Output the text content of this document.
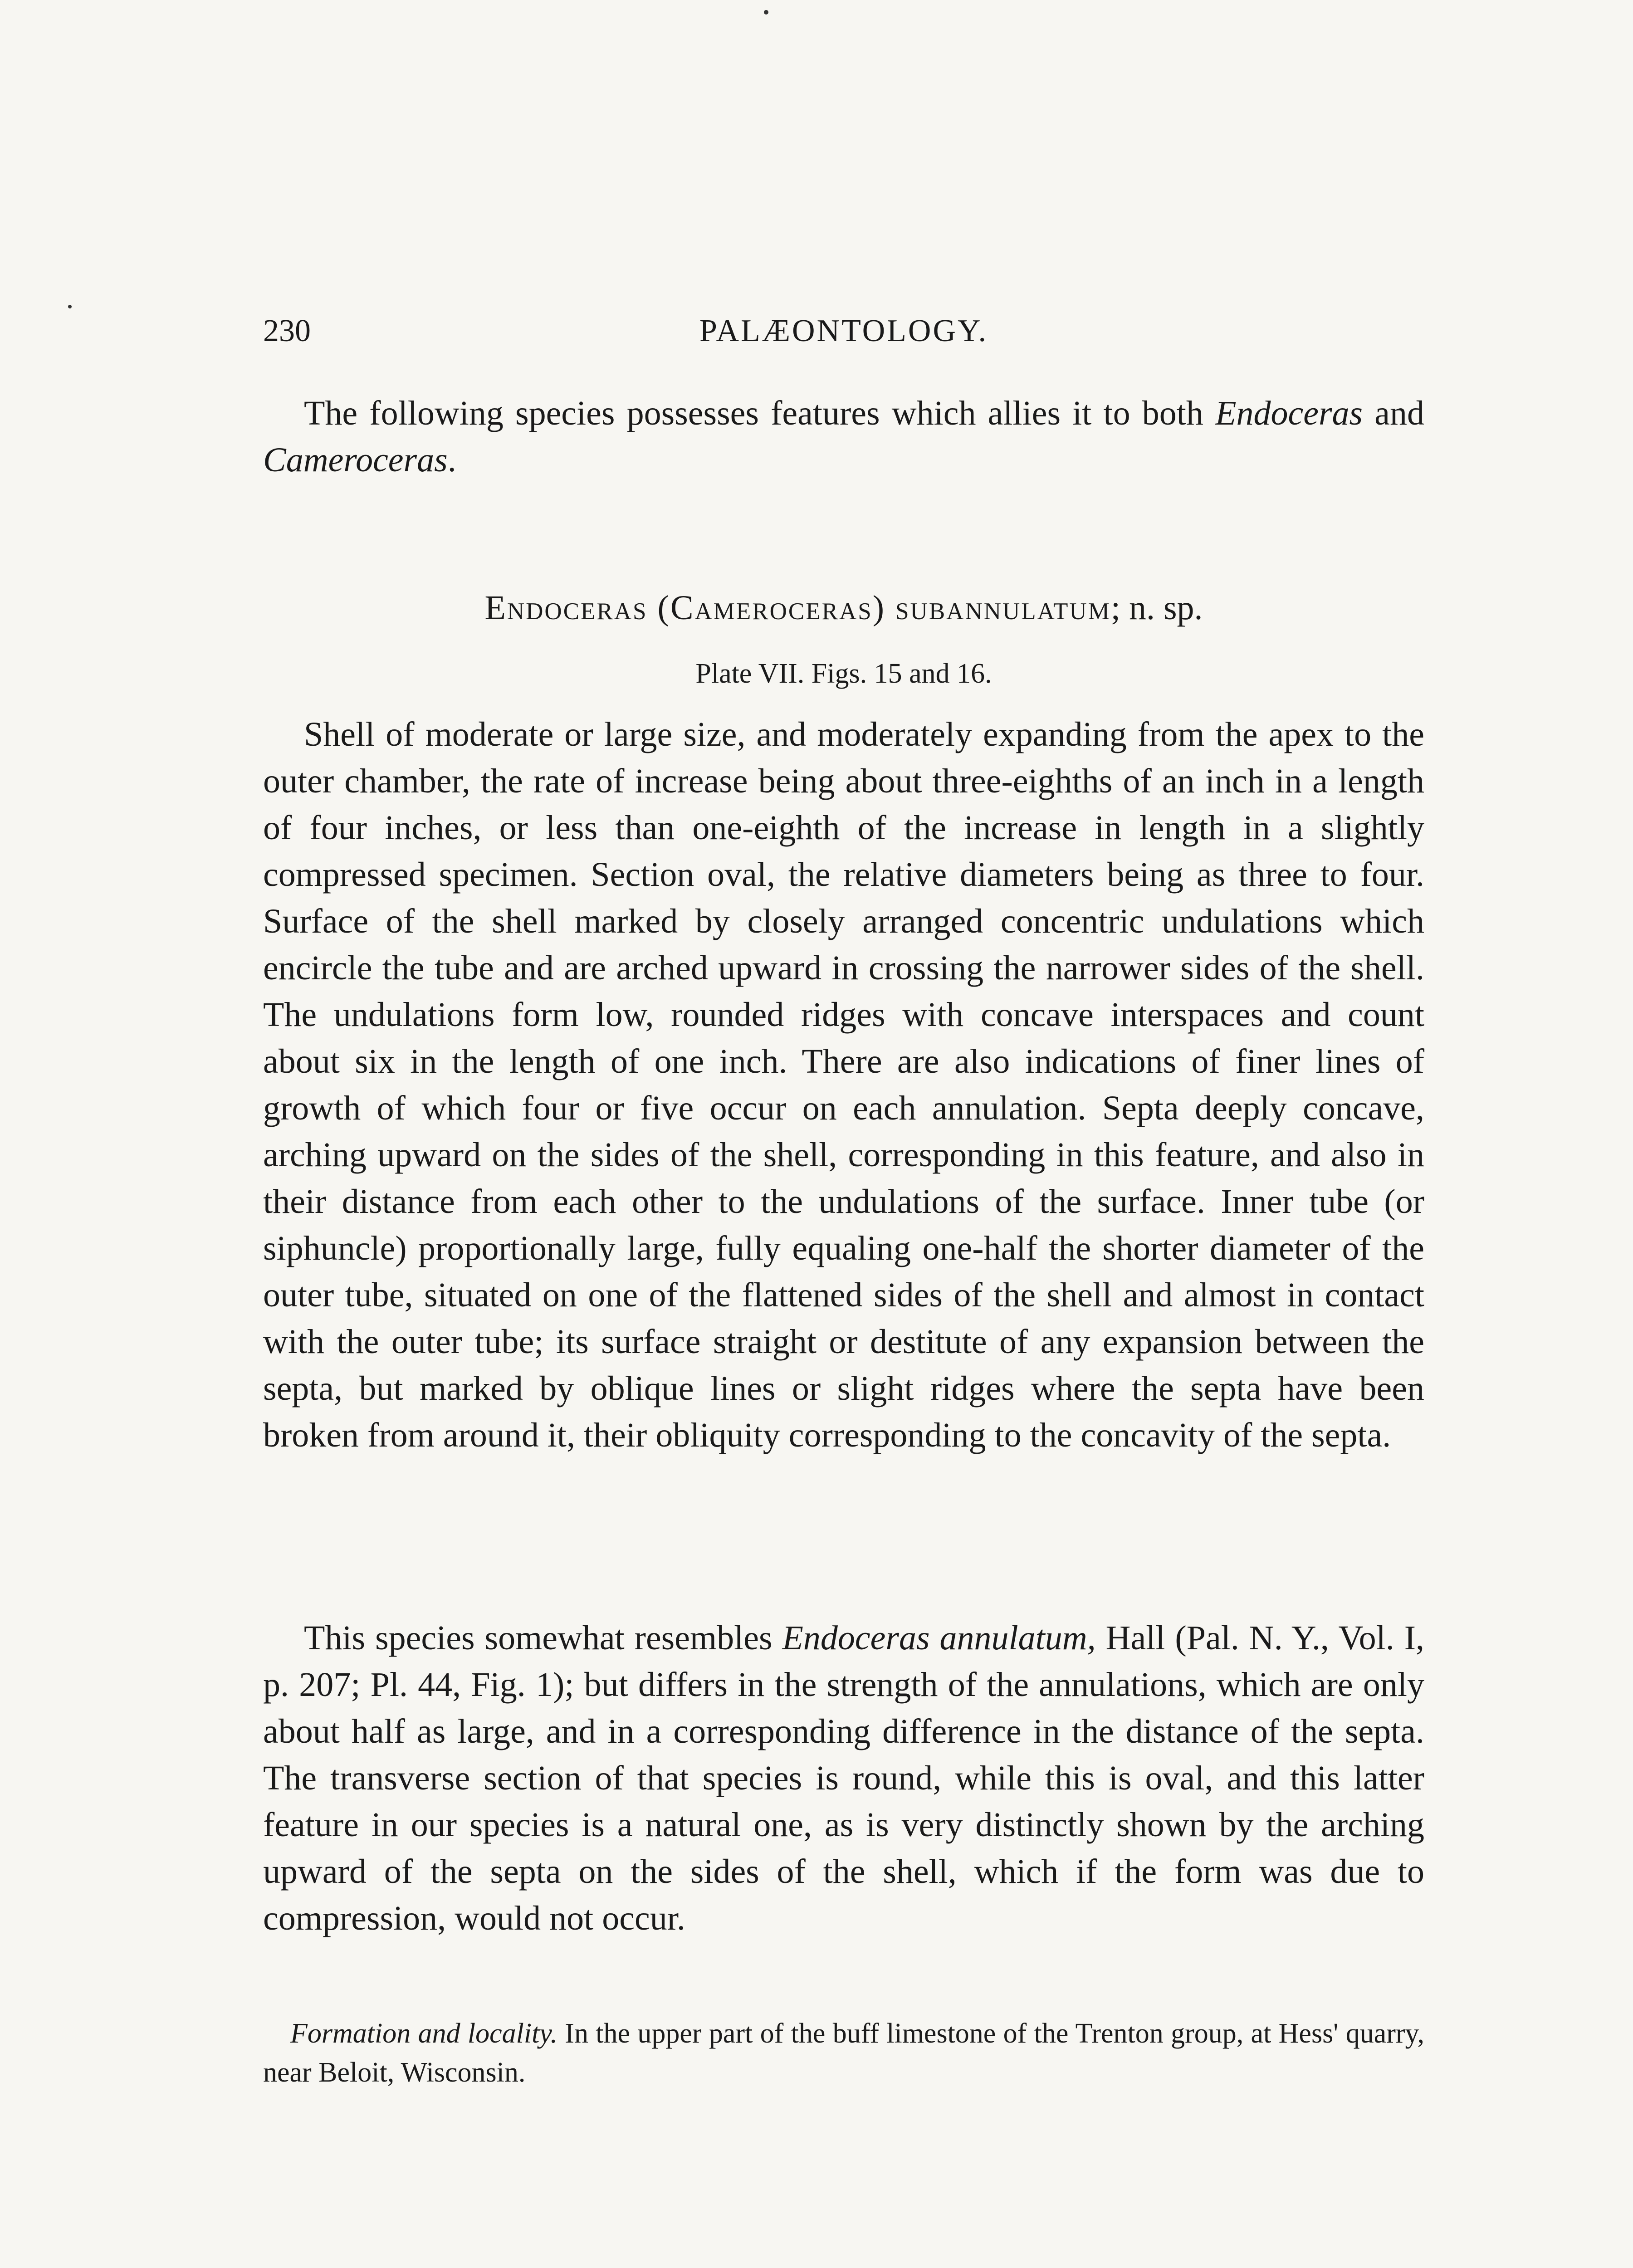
230	PALÆONTOLOGY.

The following species possesses features which allies it to both Endoceras and Cameroceras.

Endoceras (Cameroceras) subannulatum; n. sp.

Plate VII. Figs. 15 and 16.

Shell of moderate or large size, and moderately expanding from the apex to the outer chamber, the rate of increase being about three-eighths of an inch in a length of four inches, or less than one-eighth of the increase in length in a slightly compressed specimen. Section oval, the relative diameters being as three to four. Surface of the shell marked by closely arranged concentric undulations which encircle the tube and are arched upward in crossing the narrower sides of the shell. The undulations form low, rounded ridges with concave interspaces and count about six in the length of one inch. There are also indications of finer lines of growth of which four or five occur on each annulation. Septa deeply concave, arching upward on the sides of the shell, corresponding in this feature, and also in their distance from each other to the undulations of the surface. Inner tube (or siphuncle) proportionally large, fully equaling one-half the shorter diameter of the outer tube, situated on one of the flattened sides of the shell and almost in contact with the outer tube; its surface straight or destitute of any expansion between the septa, but marked by oblique lines or slight ridges where the septa have been broken from around it, their obliquity corresponding to the concavity of the septa.

This species somewhat resembles Endoceras annulatum, Hall (Pal. N. Y., Vol. I, p. 207; Pl. 44, Fig. 1); but differs in the strength of the annulations, which are only about half as large, and in a corresponding difference in the distance of the septa. The transverse section of that species is round, while this is oval, and this latter feature in our species is a natural one, as is very distinctly shown by the arching upward of the septa on the sides of the shell, which if the form was due to compression, would not occur.

Formation and locality. In the upper part of the buff limestone of the Trenton group, at Hess' quarry, near Beloit, Wisconsin.
